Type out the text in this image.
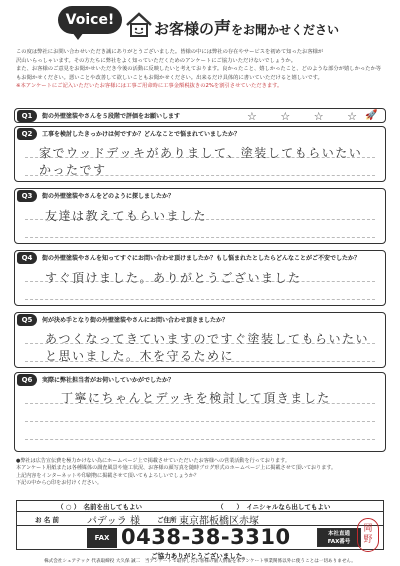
Voice!	お客様の声をお聞かせください
この度は弊社にお問い合わせいただき誠にありがとうございました。皆様の中には弊社の存在やサービスを初めて知ったお客様が
沢山いらっしゃいます。その方たちに弊社をよく知っていただくためのアンケートにご協力いただけないでしょうか。
また、お客様のご意見をお聞かせいただき今後の活動に反映したいと考えております。良かったこと、嬉しかったこと、どのような部分が嬉しかったか等
もお聞かせください。悪いことや改善して欲しいこともお聞かせください。出来るだけ具体的に書いていただけると嬉しいです。
※本アンケートにご記入いただいたお客様には工事ご用命時に工事金額税抜きの2%を割引させていただきます。
Q1	街の外壁塗装やさんを５段階で評価をお願いします	☆ ☆ ☆ ☆
🚀
Q2	工事を検討したきっかけは何ですか？どんなことで悩まれていましたか？
家でウッドデッキがありまして、塗装してもらいたい
かったです
Q3	街の外壁塗装やさんをどのように探しましたか？
友達は教えてもらいました
Q4	街の外壁塗装やさんを知ってすぐにお問い合わせ頂けましたか？もし悩まれたとしたらどんなことがご不安でしたか？
すぐ頂けました。ありがとうございました
Q5	何が決め手となり街の外壁塗装やさんにお問い合わせ頂きましたか？
あつくなってきていますのですぐ塗装してもらいたい
と思いました。木を守るために
Q6	実際に弊社担当者がお伺いしていかがでしたか？
丁寧にちゃんとデッキを検討して頂きました
●弊社は広告宣伝費を極力かけない為にホームページ上で掲載させていただいたお客様への営業活動を行っております。
本アンケート用紙または各種媒体の調査風景や施工状況、お客様の顔写真を随時ブログ形式のホームページ上に掲載させて頂いております。
上記内容をインターネットや印刷物に掲載させて頂いてもよろしいでしょうか？
下記の中から○印をお付けください。
（ ○ ）　名前を出してもよい	（　　）　イニシャルなら出してもよい
お 名 前	パデッラ 様	ご住所 東京都板橋区赤塚
FAX 0438-38-3310	本社直通
FAX番号
ご協力ありがとうございました。
株式会社シェアテック 代表取締役 大久保 誠二　 当アンケートで取得したお客様の個人情報を本アンケート事業関係以外に使うことは一切ありません。
岡
野
